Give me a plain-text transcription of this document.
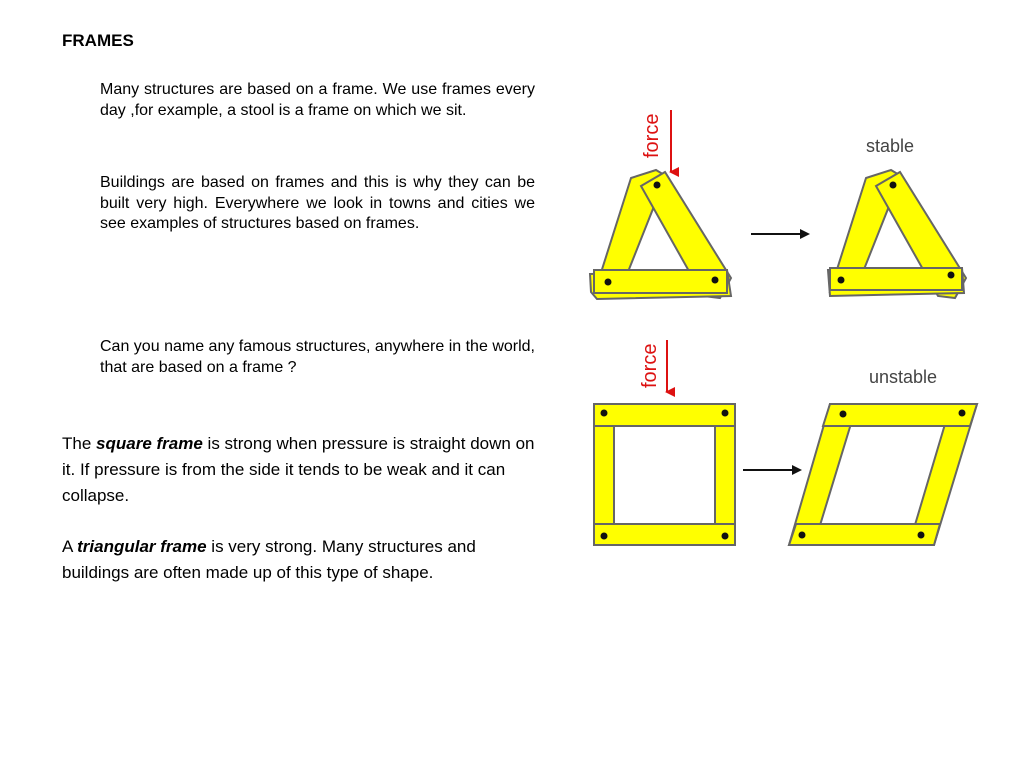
FRAMES

Many structures are based on a frame. We use frames every day ,for example, a stool is a frame on which we sit.

Buildings are based on frames and this is why they can be built very high. Everywhere we look in towns and cities we see examples of structures based on frames.

Can you name any famous structures, anywhere in the world, that are based on a frame ?

The square frame is strong when pressure is straight down on it. If pressure is from the side it tends to be weak and it can collapse.

A triangular frame is very strong. Many structures and buildings are often made up of this type of shape.

force	stable
force	unstable
